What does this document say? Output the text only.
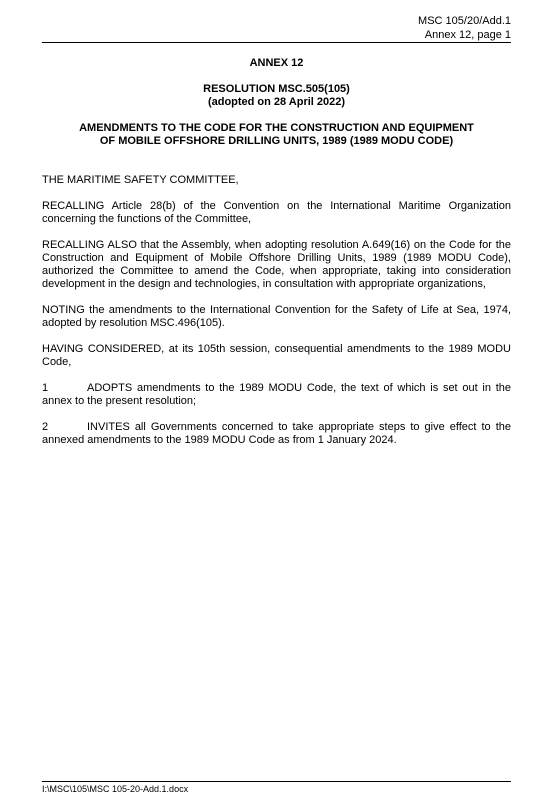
MSC 105/20/Add.1
Annex 12, page 1
ANNEX 12
RESOLUTION MSC.505(105)
(adopted on 28 April 2022)
AMENDMENTS TO THE CODE FOR THE CONSTRUCTION AND EQUIPMENT
OF MOBILE OFFSHORE DRILLING UNITS, 1989 (1989 MODU CODE)

THE MARITIME SAFETY COMMITTEE,

RECALLING Article 28(b) of the Convention on the International Maritime Organization concerning the functions of the Committee,

RECALLING ALSO that the Assembly, when adopting resolution A.649(16) on the Code for the Construction and Equipment of Mobile Offshore Drilling Units, 1989 (1989 MODU Code), authorized the Committee to amend the Code, when appropriate, taking into consideration development in the design and technologies, in consultation with appropriate organizations,

NOTING the amendments to the International Convention for the Safety of Life at Sea, 1974, adopted by resolution MSC.496(105).

HAVING CONSIDERED, at its 105th session, consequential amendments to the 1989 MODU Code,

1	ADOPTS amendments to the 1989 MODU Code, the text of which is set out in the annex to the present resolution;

2	INVITES all Governments concerned to take appropriate steps to give effect to the annexed amendments to the 1989 MODU Code as from 1 January 2024.

I:\MSC\105\MSC 105-20-Add.1.docx
